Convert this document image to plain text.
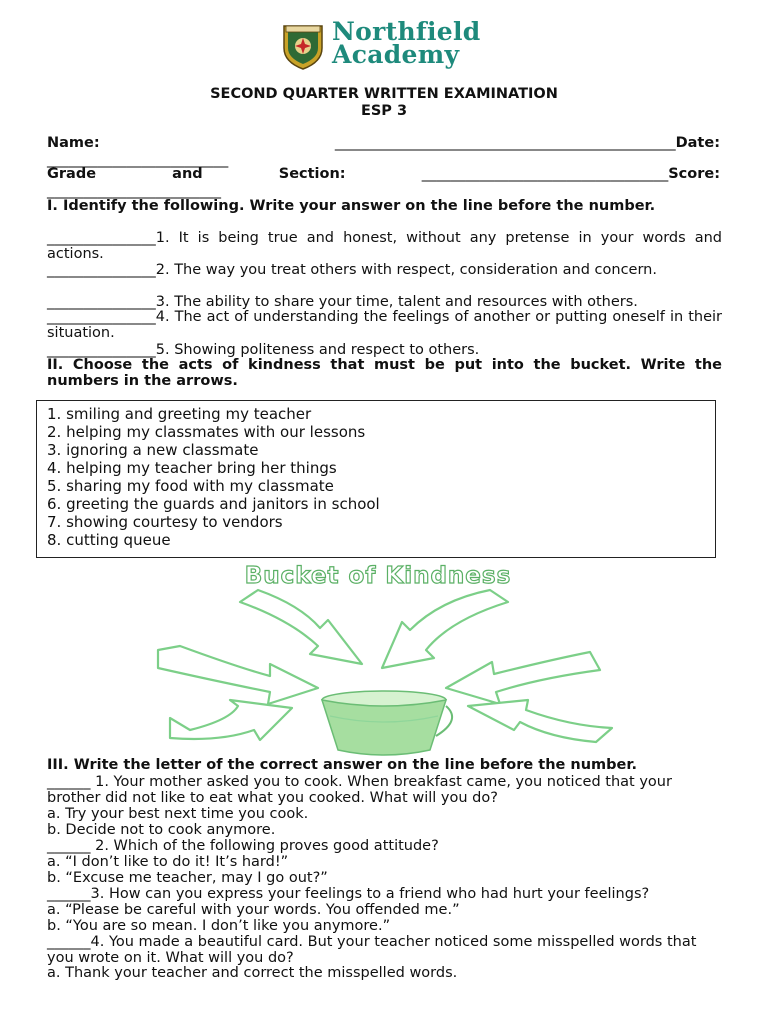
Northfield
Academy
SECOND QUARTER WRITTEN EXAMINATION
ESP 3
Name:	_______________________________________________Date:
_________________________
Grade	and	Section:	__________________________________Score:
________________________
I. Identify the following. Write your answer on the line before the number.
_______________1. It is being true and honest, without any pretense in your words and actions.
_______________2. The way you treat others with respect, consideration and concern.
_______________3. The ability to share your time, talent and resources with others.
_______________4. The act of understanding the feelings of another or putting oneself in their situation.
_______________5. Showing politeness and respect to others.
II. Choose the acts of kindness that must be put into the bucket. Write the numbers in the arrows.
1. smiling and greeting my teacher
2. helping my classmates with our lessons
3. ignoring a new classmate
4. helping my teacher bring her things
5. sharing my food with my classmate
6. greeting the guards and janitors in school
7. showing courtesy to vendors
8. cutting queue
Bucket of Kindness
III. Write the letter of the correct answer on the line before the number.
______ 1. Your mother asked you to cook. When breakfast came, you noticed that your brother did not like to eat what you cooked. What will you do?
a. Try your best next time you cook.
b. Decide not to cook anymore.
______ 2. Which of the following proves good attitude?
a. “I don’t like to do it! It’s hard!”
b. “Excuse me teacher, may I go out?”
______3. How can you express your feelings to a friend who had hurt your feelings?
a. “Please be careful with your words. You offended me.”
b. “You are so mean. I don’t like you anymore.”
______4. You made a beautiful card. But your teacher noticed some misspelled words that you wrote on it. What will you do?
a. Thank your teacher and correct the misspelled words.
